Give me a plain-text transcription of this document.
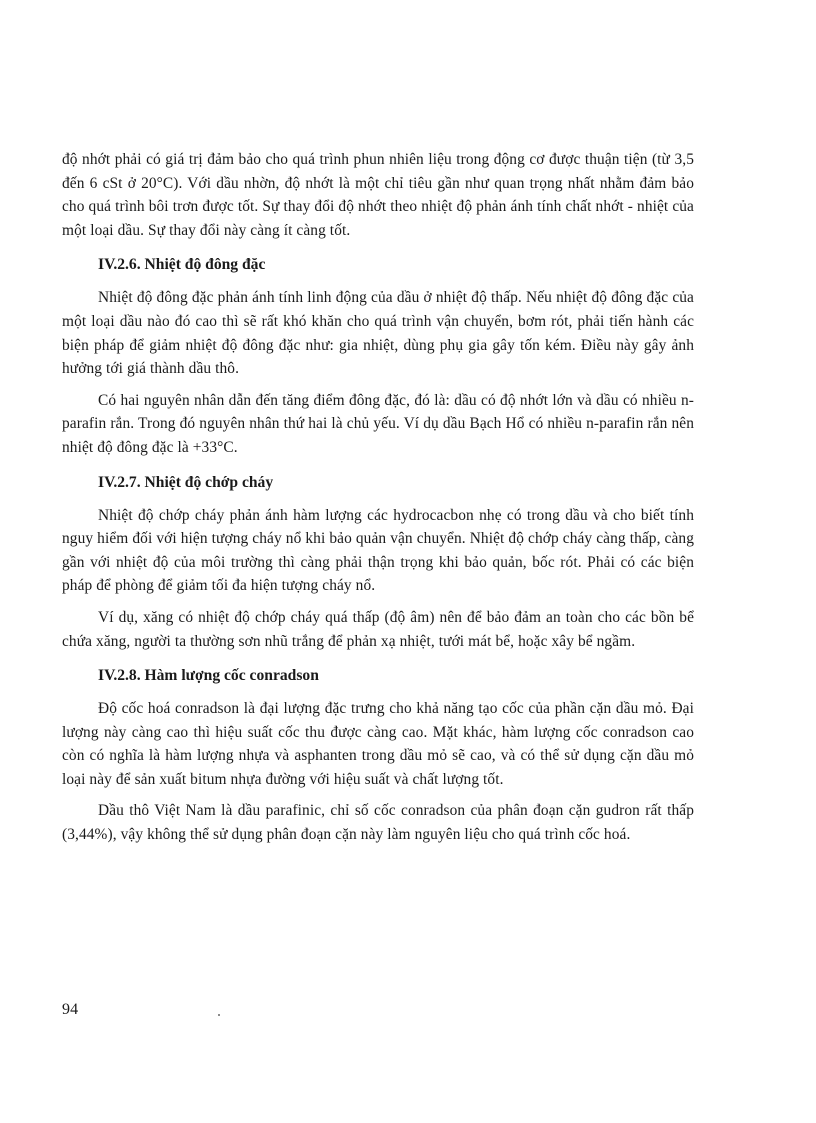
độ nhớt phải có giá trị đảm bảo cho quá trình phun nhiên liệu trong động cơ được thuận tiện (từ 3,5 đến 6 cSt ở 20°C). Với dầu nhờn, độ nhớt là một chỉ tiêu gần như quan trọng nhất nhằm đảm bảo cho quá trình bôi trơn được tốt. Sự thay đổi độ nhớt theo nhiệt độ phản ánh tính chất nhớt - nhiệt của một loại dầu. Sự thay đổi này càng ít càng tốt.

IV.2.6. Nhiệt độ đông đặc

Nhiệt độ đông đặc phản ánh tính linh động của dầu ở nhiệt độ thấp. Nếu nhiệt độ đông đặc của một loại dầu nào đó cao thì sẽ rất khó khăn cho quá trình vận chuyển, bơm rót, phải tiến hành các biện pháp để giảm nhiệt độ đông đặc như: gia nhiệt, dùng phụ gia gây tốn kém. Điều này gây ảnh hưởng tới giá thành dầu thô.

Có hai nguyên nhân dẫn đến tăng điểm đông đặc, đó là: dầu có độ nhớt lớn và dầu có nhiều n-parafin rắn. Trong đó nguyên nhân thứ hai là chủ yếu. Ví dụ dầu Bạch Hổ có nhiều n-parafin rắn nên nhiệt độ đông đặc là +33°C.

IV.2.7. Nhiệt độ chớp cháy

Nhiệt độ chớp cháy phản ánh hàm lượng các hydrocacbon nhẹ có trong dầu và cho biết tính nguy hiểm đối với hiện tượng cháy nổ khi bảo quản vận chuyển. Nhiệt độ chớp cháy càng thấp, càng gần với nhiệt độ của môi trường thì càng phải thận trọng khi bảo quản, bốc rót. Phải có các biện pháp để phòng để giảm tối đa hiện tượng cháy nổ.

Ví dụ, xăng có nhiệt độ chớp cháy quá thấp (độ âm) nên để bảo đảm an toàn cho các bồn bể chứa xăng, người ta thường sơn nhũ trắng để phản xạ nhiệt, tưới mát bể, hoặc xây bể ngầm.

IV.2.8. Hàm lượng cốc conradson

Độ cốc hoá conradson là đại lượng đặc trưng cho khả năng tạo cốc của phần cặn dầu mỏ. Đại lượng này càng cao thì hiệu suất cốc thu được càng cao. Mặt khác, hàm lượng cốc conradson cao còn có nghĩa là hàm lượng nhựa và asphanten trong dầu mỏ sẽ cao, và có thể sử dụng cặn dầu mỏ loại này để sản xuất bitum nhựa đường với hiệu suất và chất lượng tốt.

Dầu thô Việt Nam là dầu parafinic, chỉ số cốc conradson của phân đoạn cặn gudron rất thấp (3,44%), vậy không thể sử dụng phân đoạn cặn này làm nguyên liệu cho quá trình cốc hoá.

94
